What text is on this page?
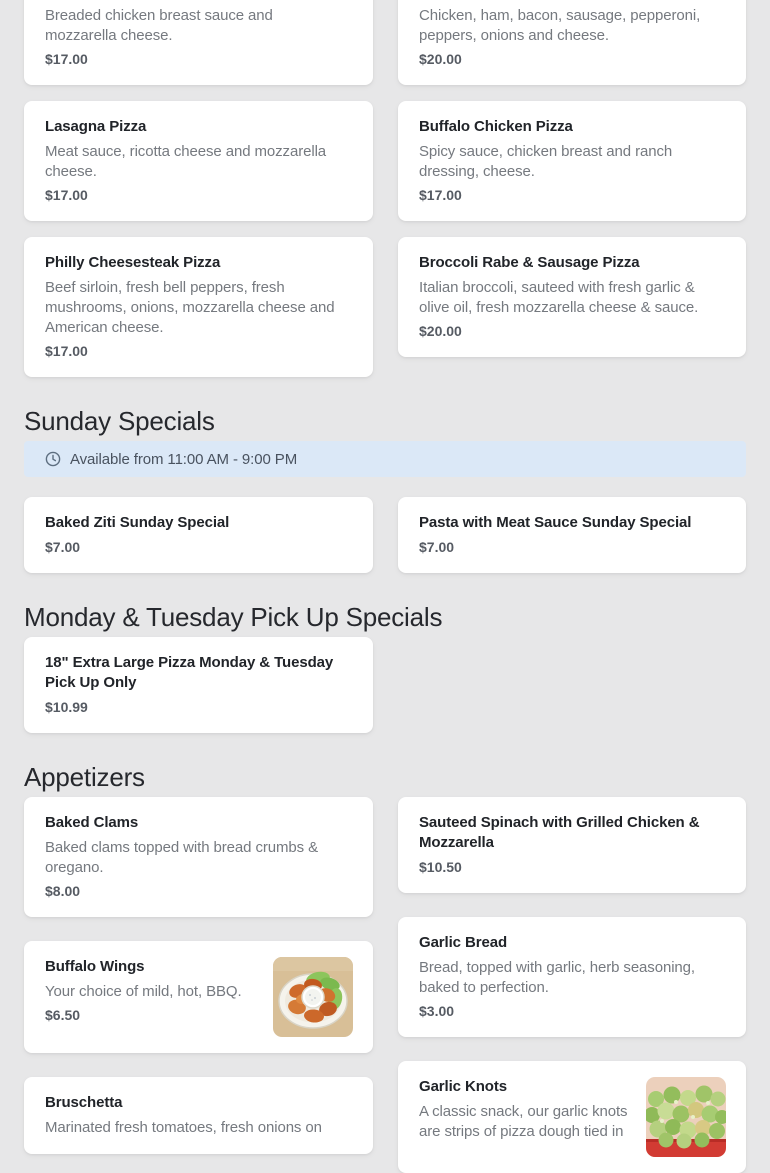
Breaded chicken breast sauce and mozzarella cheese.

$17.00

Lasagna Pizza

Meat sauce, ricotta cheese and mozzarella cheese.

$17.00

Philly Cheesesteak Pizza

Beef sirloin, fresh bell peppers, fresh mushrooms, onions, mozzarella cheese and American cheese.

$17.00

Chicken, ham, bacon, sausage, pepperoni, peppers, onions and cheese.

$20.00

Buffalo Chicken Pizza

Spicy sauce, chicken breast and ranch dressing, cheese.

$17.00

Broccoli Rabe & Sausage Pizza

Italian broccoli, sauteed with fresh garlic & olive oil, fresh mozzarella cheese & sauce.

$20.00

Sunday Specials
Available from 11:00 AM - 9:00 PM
Baked Ziti Sunday Special

$7.00

Pasta with Meat Sauce Sunday Special

$7.00

Monday & Tuesday Pick Up Specials
18" Extra Large Pizza Monday & Tuesday Pick Up Only

$10.99

Appetizers
Baked Clams

Baked clams topped with bread crumbs & oregano.

$8.00

Buffalo Wings

Your choice of mild, hot, BBQ.

$6.50

Bruschetta

Marinated fresh tomatoes, fresh onions on

Sauteed Spinach with Grilled Chicken & Mozzarella

$10.50

Garlic Bread

Bread, topped with garlic, herb seasoning, baked to perfection.

$3.00

Garlic Knots

A classic snack, our garlic knots are strips of pizza dough tied in
